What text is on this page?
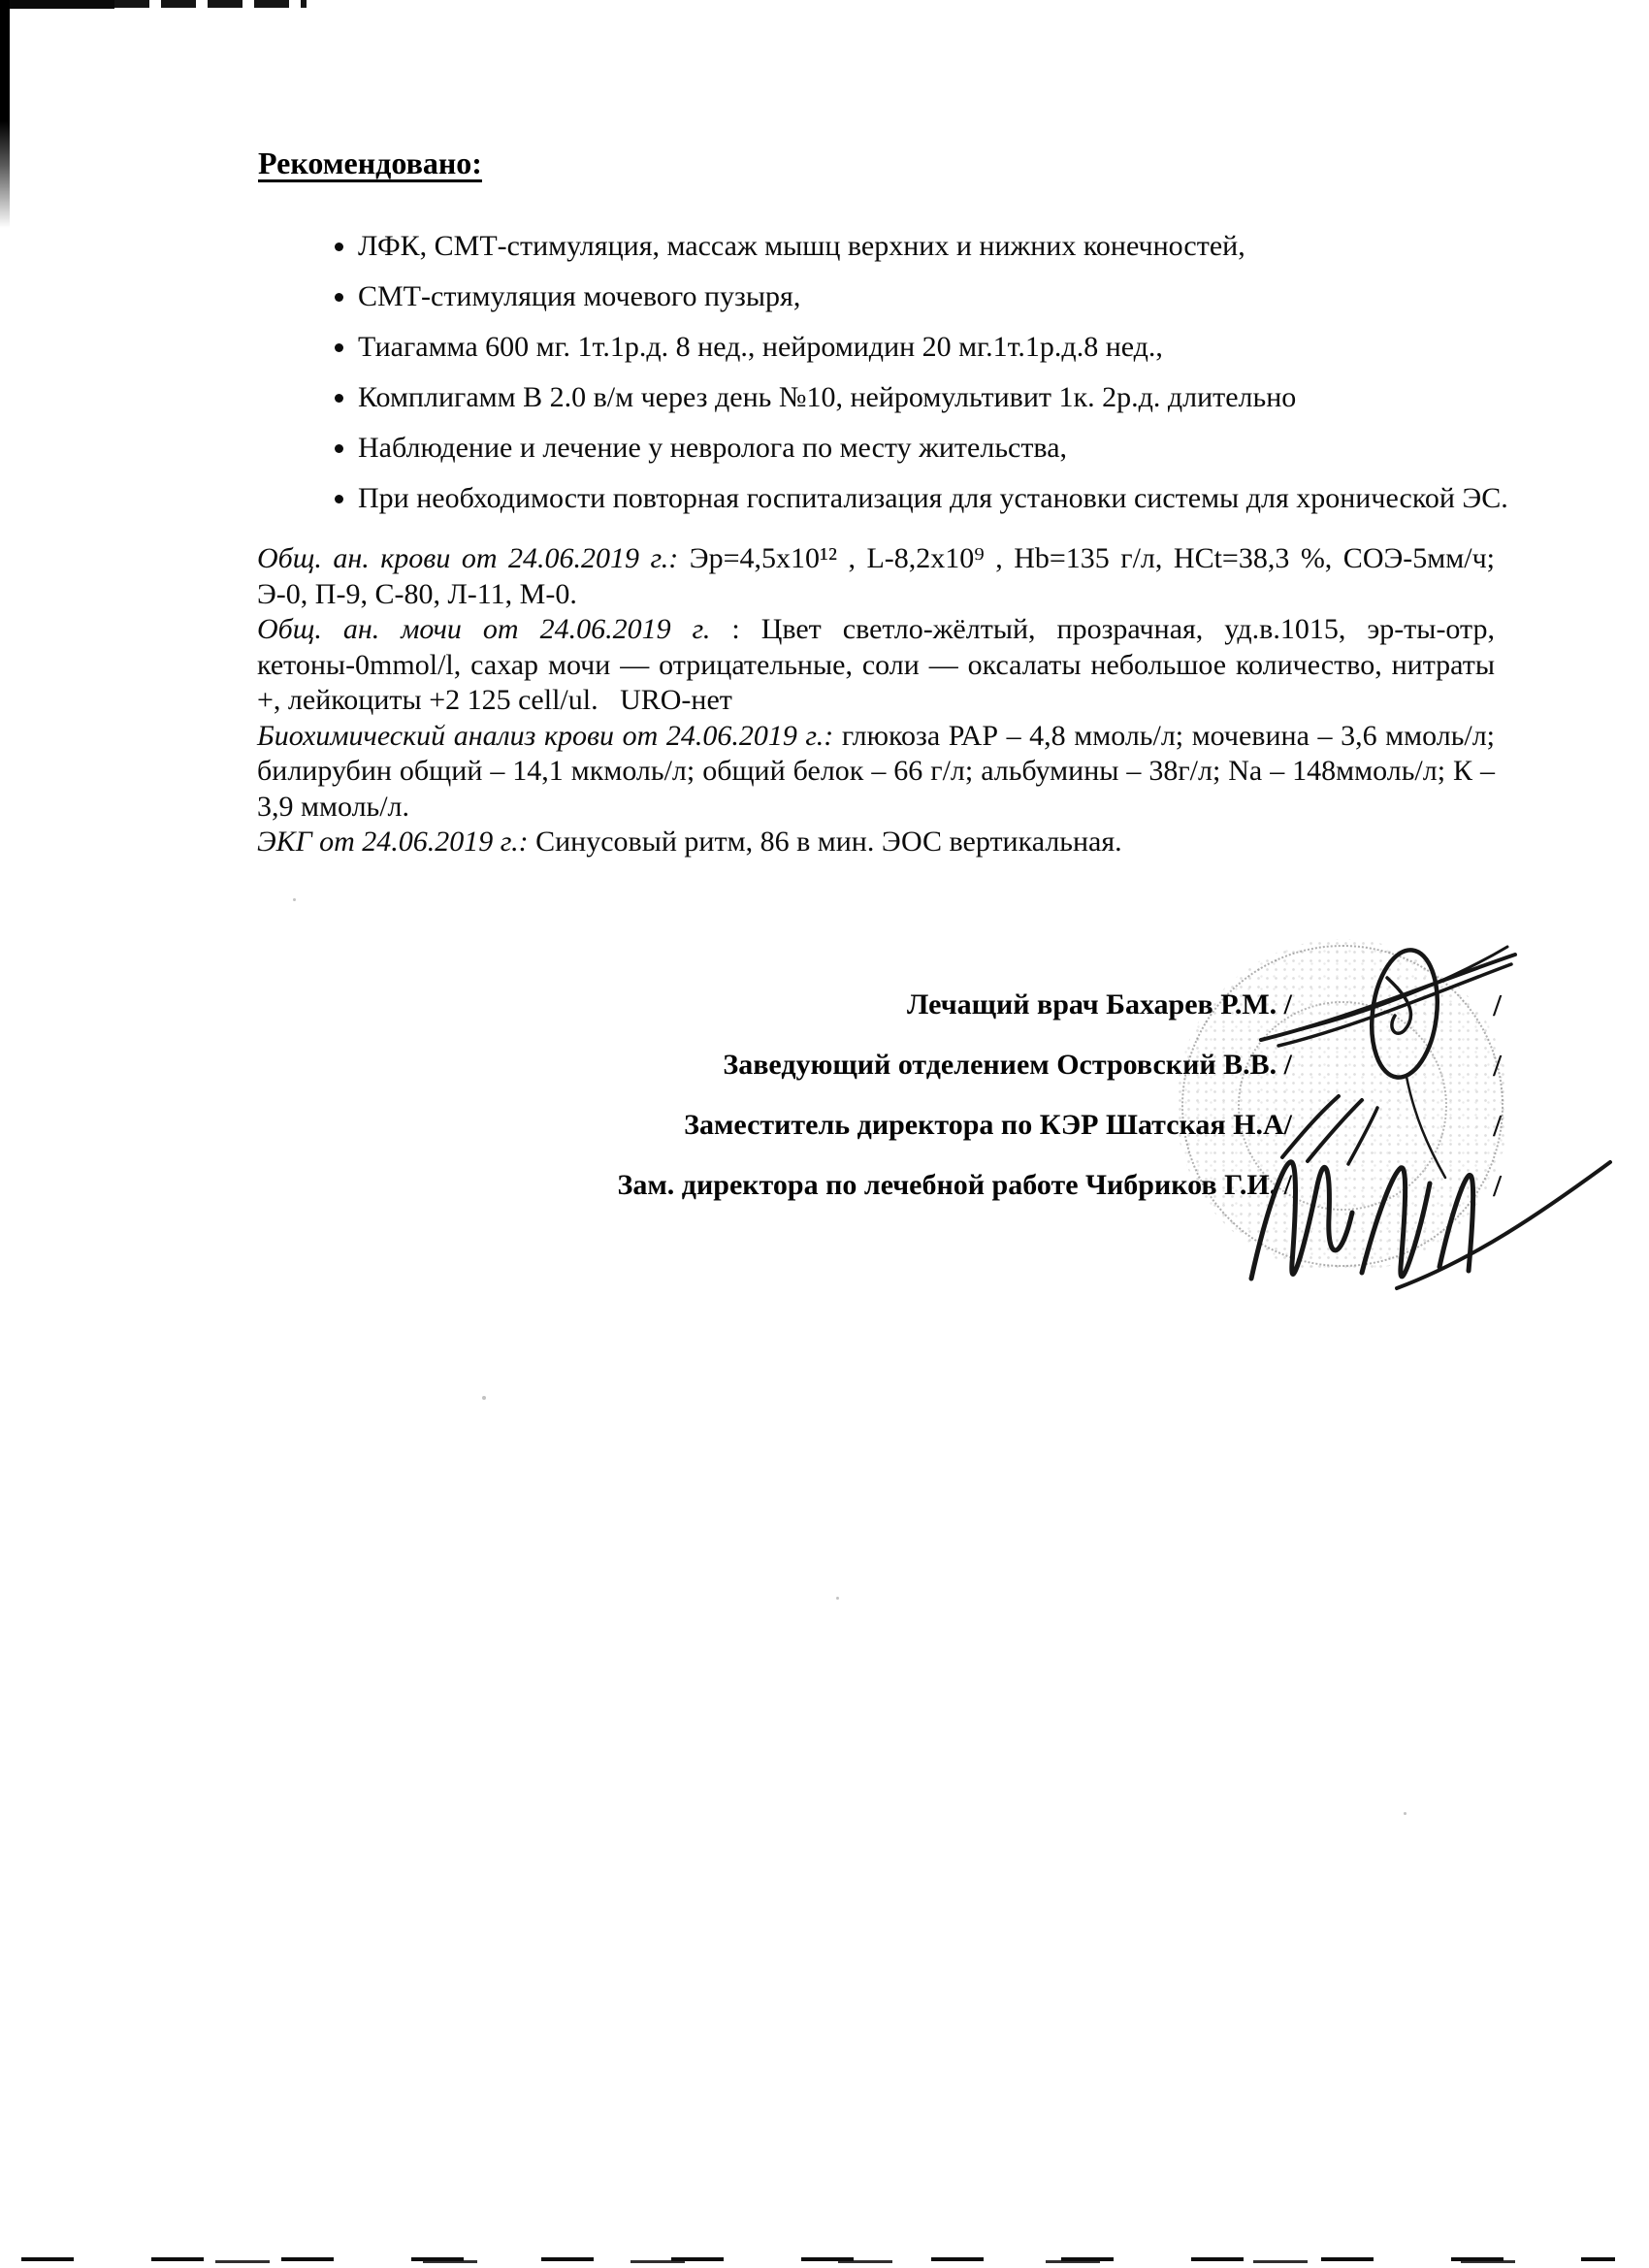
Рекомендовано:
• ЛФК, СМТ-стимуляция, массаж мышц верхних и нижних конечностей,
• СМТ-стимуляция мочевого пузыря,
• Тиагамма 600 мг. 1т.1р.д. 8 нед., нейромидин 20 мг.1т.1р.д.8 нед.,
• Комплигамм В 2.0 в/м через день №10, нейромультивит 1к. 2р.д. длительно
• Наблюдение и лечение у невролога по месту жительства,
• При необходимости повторная госпитализация для установки системы для хронической ЭС.

Общ. ан. крови от 24.06.2019 г.: Эр=4,5х10¹² , L-8,2х10⁹ , Hb=135 г/л, HCt=38,3 %, СОЭ-5мм/ч; Э-0, П-9, С-80, Л-11, М-0.

Общ. ан. мочи от 24.06.2019 г. : Цвет светло-жёлтый, прозрачная, уд.в.1015, эр-ты-отр, кетоны-0mmol/l, сахар мочи — отрицательные, соли — оксалаты небольшое количество, нитраты +, лейкоциты +2 125 cell/ul.   URO-нет

Биохимический анализ крови от 24.06.2019 г.: глюкоза РАР – 4,8 ммоль/л; мочевина – 3,6 ммоль/л; билирубин общий – 14,1 мкмоль/л; общий белок – 66 г/л; альбумины – 38г/л; Na – 148ммоль/л; К – 3,9 ммоль/л.

ЭКГ от 24.06.2019 г.: Синусовый ритм, 86 в мин. ЭОС вертикальная.

Лечащий врач Бахарев Р.М. /	/
Заведующий отделением Островский В.В. /	/
Заместитель директора по КЭР Шатская Н.А/	/
Зам. директора по лечебной работе Чибриков Г.И. /	/
